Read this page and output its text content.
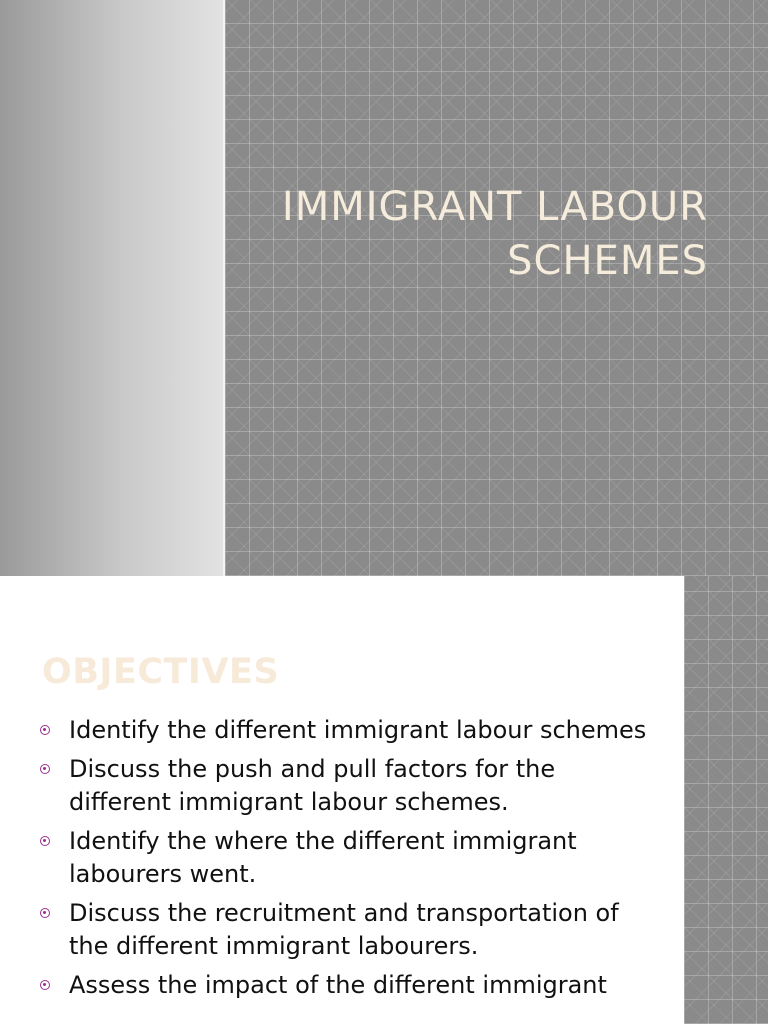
IMMIGRANT LABOUR
SCHEMES
OBJECTIVES
Identify the different immigrant labour schemes
Discuss the push and pull factors for the different immigrant labour schemes.
Identify the where the different immigrant labourers went.
Discuss the recruitment and transportation of the different immigrant labourers.
Assess the impact of the different immigrant
